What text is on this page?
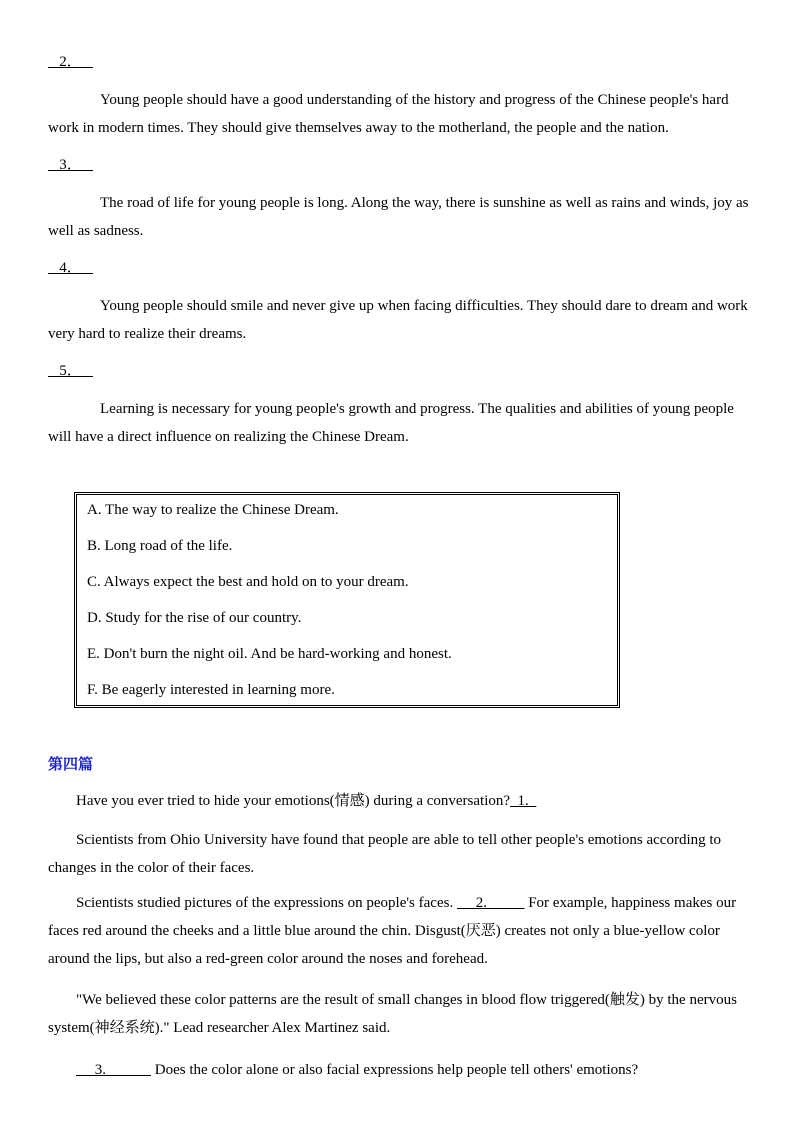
2．
Young people should have a good understanding of the history and progress of the Chinese people's hard work in modern times. They should give themselves away to the motherland, the people and the nation.
3．
The road of life for young people is long. Along the way, there is sunshine as well as rains and winds, joy as well as sadness.
4．
Young people should smile and never give up when facing difficulties. They should dare to dream and work very hard to realize their dreams.
5．
Learning is necessary for young people's growth and progress. The qualities and abilities of young people will have a direct influence on realizing the Chinese Dream.
A. The way to realize the Chinese Dream.
B. Long road of the life.
C. Always expect the best and hold on to your dream.
D. Study for the rise of our country.
E. Don't burn the night oil. And be hard-working and honest.
F. Be eagerly interested in learning more.
第四篇
Have you ever tried to hide your emotions(情感) during a conversation?  1.
Scientists from Ohio University have found that people are able to tell other people's emotions according to changes in the color of their faces.
Scientists studied pictures of the expressions on people's faces.      2.           For example, happiness makes our faces red around the cheeks and a little blue around the chin. Disgust(厌恶) creates not only a blue-yellow color around the lips, but also a red-green color around the noses and forehead.
"We believed these color patterns are the result of small changes in blood flow triggered(触发) by the nervous system(神经系统)." Lead researcher Alex Martinez said.
3.             Does the color alone or also facial expressions help people tell others' emotions?
